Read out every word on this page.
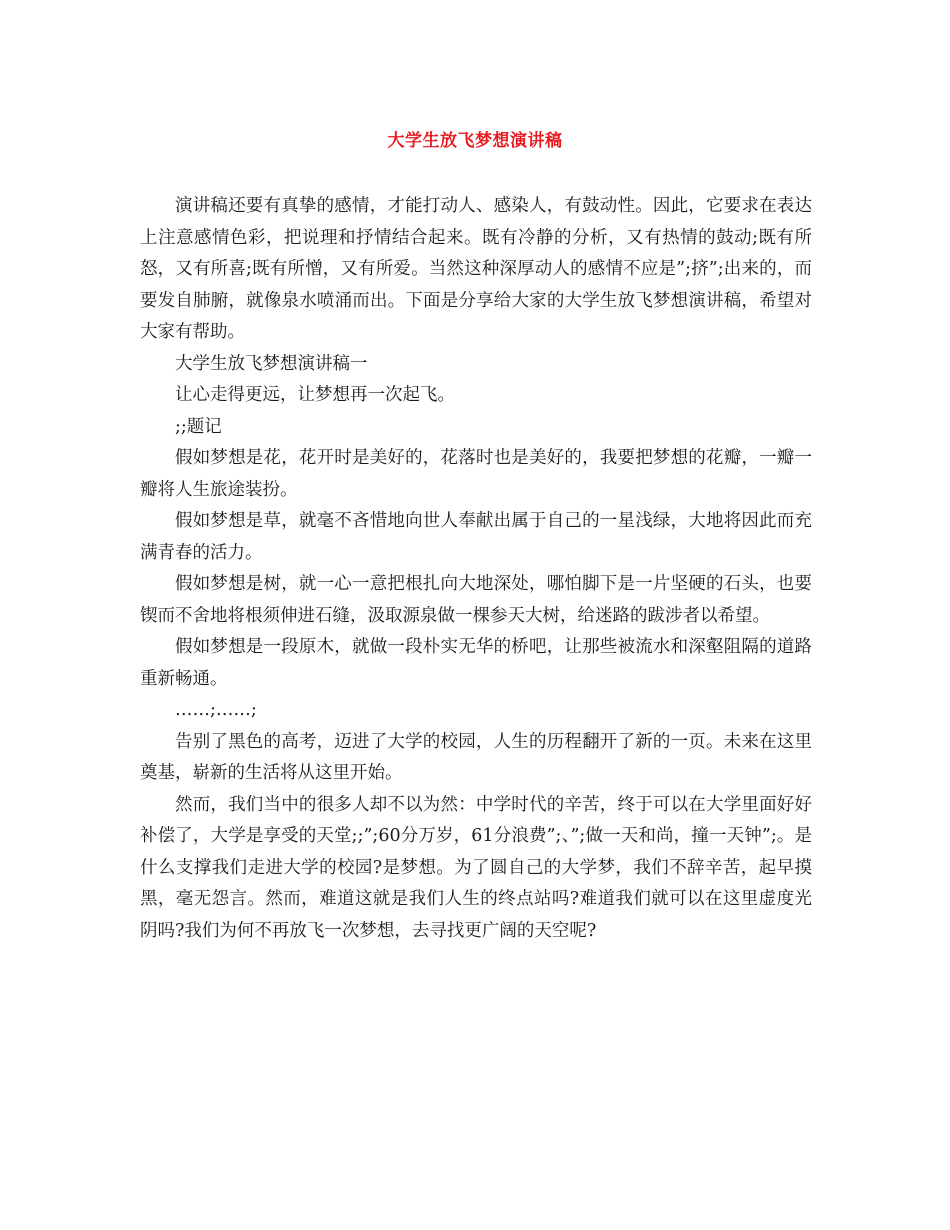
大学生放飞梦想演讲稿

演讲稿还要有真挚的感情，才能打动人、感染人，有鼓动性。因此，它要求在表达上注意感情色彩，把说理和抒情结合起来。既有冷静的分析，又有热情的鼓动;既有所怒，又有所喜;既有所憎，又有所爱。当然这种深厚动人的感情不应是”;挤”;出来的，而要发自肺腑，就像泉水喷涌而出。下面是分享给大家的大学生放飞梦想演讲稿，希望对大家有帮助。

大学生放飞梦想演讲稿一

让心走得更远，让梦想再一次起飞。

;;题记

假如梦想是花，花开时是美好的，花落时也是美好的，我要把梦想的花瓣，一瓣一瓣将人生旅途装扮。

假如梦想是草，就毫不吝惜地向世人奉献出属于自己的一星浅绿，大地将因此而充满青春的活力。

假如梦想是树，就一心一意把根扎向大地深处，哪怕脚下是一片坚硬的石头，也要锲而不舍地将根须伸进石缝，汲取源泉做一棵参天大树，给迷路的跋涉者以希望。

假如梦想是一段原木，就做一段朴实无华的桥吧，让那些被流水和深壑阻隔的道路重新畅通。

……;……;

告别了黑色的高考，迈进了大学的校园，人生的历程翻开了新的一页。未来在这里奠基，崭新的生活将从这里开始。

然而，我们当中的很多人却不以为然：中学时代的辛苦，终于可以在大学里面好好补偿了，大学是享受的天堂;;”;60分万岁，61分浪费”;、”;做一天和尚，撞一天钟”;。是什么支撑我们走进大学的校园?是梦想。为了圆自己的大学梦，我们不辞辛苦，起早摸黑，毫无怨言。然而，难道这就是我们人生的终点站吗?难道我们就可以在这里虚度光阴吗?我们为何不再放飞一次梦想，去寻找更广阔的天空呢?
